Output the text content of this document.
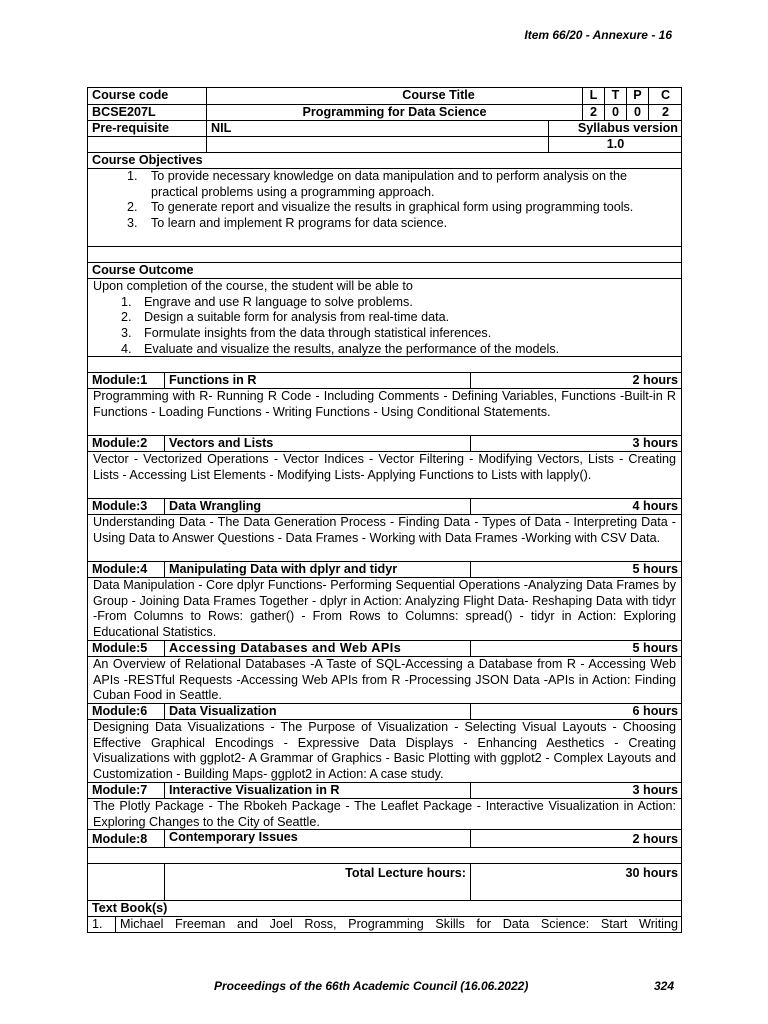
Item 66/20 - Annexure - 16
Course code	Course Title	L	T	P	C
BCSE207L	Programming for Data Science	2	0	0	2
Pre-requisite	NIL	Syllabus version
1.0
Course Objectives
1. To provide necessary knowledge on data manipulation and to perform analysis on the practical problems using a programming approach.
2. To generate report and visualize the results in graphical form using programming tools.
3. To learn and implement R programs for data science.
Course Outcome
Upon completion of the course, the student will be able to
1. Engrave and use R language to solve problems.
2. Design a suitable form for analysis from real-time data.
3. Formulate insights from the data through statistical inferences.
4. Evaluate and visualize the results, analyze the performance of the models.
Module:1	Functions in R	2 hours
Programming with R- Running R Code - Including Comments - Defining Variables, Functions -Built-in R Functions - Loading Functions - Writing Functions - Using Conditional Statements.
Module:2	Vectors and Lists	3 hours
Vector - Vectorized Operations - Vector Indices - Vector Filtering - Modifying Vectors, Lists - Creating Lists - Accessing List Elements - Modifying Lists- Applying Functions to Lists with lapply().
Module:3	Data Wrangling	4 hours
Understanding Data - The Data Generation Process - Finding Data - Types of Data - Interpreting Data - Using Data to Answer Questions - Data Frames - Working with Data Frames -Working with CSV Data.
Module:4	Manipulating Data with dplyr and tidyr	5 hours
Data Manipulation - Core dplyr Functions- Performing Sequential Operations -Analyzing Data Frames by Group - Joining Data Frames Together - dplyr in Action: Analyzing Flight Data- Reshaping Data with tidyr -From Columns to Rows: gather() - From Rows to Columns: spread() - tidyr in Action: Exploring Educational Statistics.
Module:5	Accessing Databases and Web APIs	5 hours
An Overview of Relational Databases -A Taste of SQL-Accessing a Database from R - Accessing Web APIs -RESTful Requests -Accessing Web APIs from R -Processing JSON Data -APIs in Action: Finding Cuban Food in Seattle.
Module:6	Data Visualization	6 hours
Designing Data Visualizations - The Purpose of Visualization - Selecting Visual Layouts - Choosing Effective Graphical Encodings - Expressive Data Displays - Enhancing Aesthetics - Creating Visualizations with ggplot2- A Grammar of Graphics - Basic Plotting with ggplot2 - Complex Layouts and Customization - Building Maps- ggplot2 in Action: A case study.
Module:7	Interactive Visualization in R	3 hours
The Plotly Package - The Rbokeh Package - The Leaflet Package - Interactive Visualization in Action: Exploring Changes to the City of Seattle.
Module:8	Contemporary Issues	2 hours
Total Lecture hours:	30 hours
Text Book(s)
1.	Michael Freeman and Joel Ross, Programming Skills for Data Science: Start Writing
Proceedings of the 66th Academic Council (16.06.2022)	324
